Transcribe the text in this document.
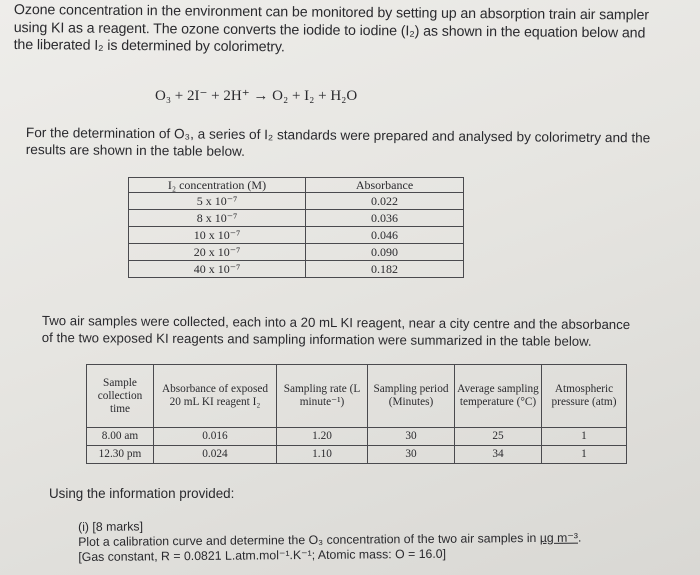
Ozone concentration in the environment can be monitored by setting up an absorption train air sampler
using KI as a reagent. The ozone converts the iodide to iodine (I₂) as shown in the equation below and
the liberated I₂ is determined by colorimetry.
O₃ + 2I⁻ + 2H⁺ → O₂ + I₂ + H₂O
For the determination of O₃, a series of I₂ standards were prepared and analysed by colorimetry and the
results are shown in the table below.
I₂ concentration (M)	Absorbance
5 x 10⁻⁷	0.022
8 x 10⁻⁷	0.036
10 x 10⁻⁷	0.046
20 x 10⁻⁷	0.090
40 x 10⁻⁷	0.182
Two air samples were collected, each into a 20 mL KI reagent, near a city centre and the absorbance
of the two exposed KI reagents and sampling information were summarized in the table below.
Sample collection time	Absorbance of exposed 20 mL KI reagent I₂	Sampling rate (L minute⁻¹)	Sampling period (Minutes)	Average sampling temperature (°C)	Atmospheric pressure (atm)
8.00 am	0.016	1.20	30	25	1
12.30 pm	0.024	1.10	30	34	1
Using the information provided:
(i) [8 marks]
Plot a calibration curve and determine the O₃ concentration of the two air samples in µg m⁻³.
[Gas constant, R = 0.0821 L.atm.mol⁻¹.K⁻¹; Atomic mass: O = 16.0]
